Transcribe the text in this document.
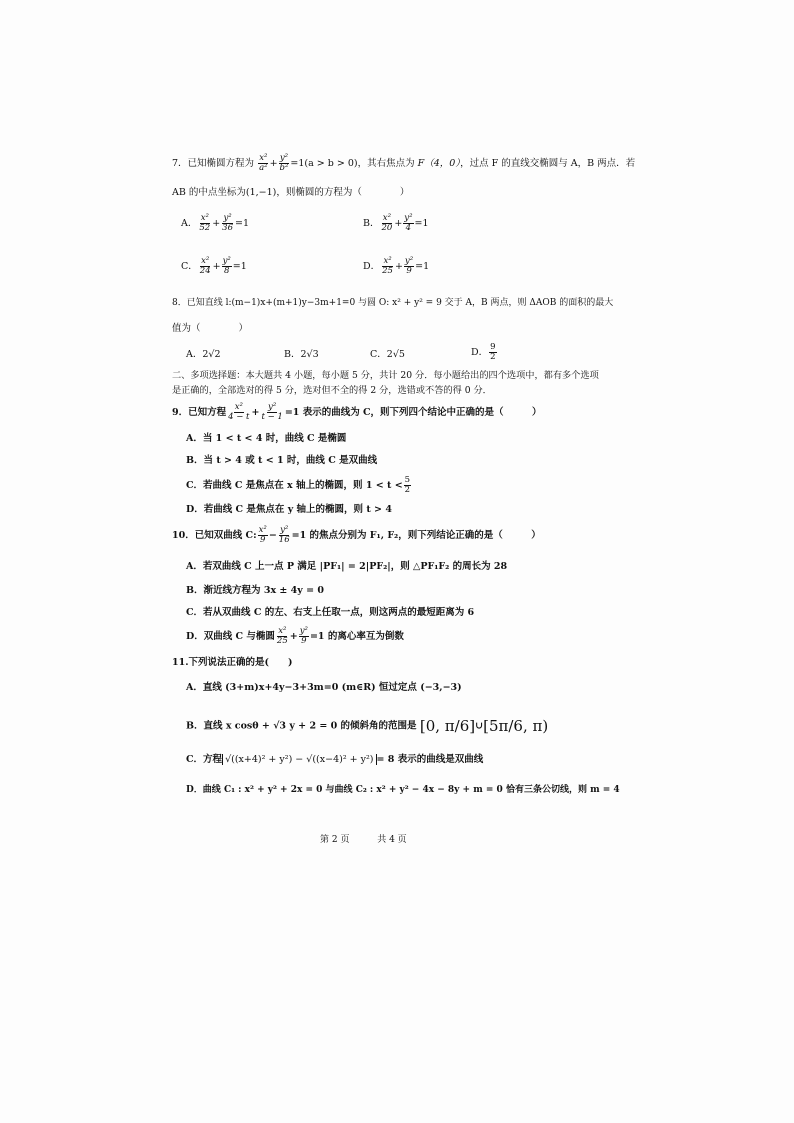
7．已知椭圆方程为 $\frac{\text{x²}}{\text{a²}} + \frac{\text{y²}}{\text{b²}} =1(a > b > 0)$，其右焦点为 F（4，0），过点 F 的直线交椭圆与 A，B 两点．若
AB 的中点坐标为(1,−1)，则椭圆的方程为（　　　　）
A． $\frac{\text{x²}}{52} + \frac{\text{y²}}{36} =1$	B． $\frac{\text{x²}}{20} + \frac{\text{y²}}{4} =1$
C． $\frac{\text{x²}}{24} + \frac{\text{y²}}{8} =1$	D． $\frac{\text{x²}}{25} + \frac{\text{y²}}{9} =1$
8．已知直线 l:(m−1)x+(m+1)y−3m+1=0 与圆 O: x² + y² = 9 交于 A，B 两点，则 ΔAOB 的面积的最大
值为（　　　　）
A．2√2	B．2√3	C．2√5	D． $\frac{9}{2}$
二、多项选择题：本大题共 4 小题，每小题 5 分，共计 20 分．每小题给出的四个选项中，都有多个选项
是正确的，全部选对的得 5 分，选对但不全的得 2 分，选错或不答的得 0 分．
9．已知方程 $\frac{\text{x²}}{4 - t} + \frac{\text{y²}}{t - 1} =1$ 表示的曲线为 C，则下列四个结论中正确的是（　　　）
A．当 1 < t < 4 时，曲线 C 是椭圆
B．当 t > 4 或 t < 1 时，曲线 C 是双曲线
C．若曲线 C 是焦点在 x 轴上的椭圆，则 $1 < t < \frac{5}{2}$
D．若曲线 C 是焦点在 y 轴上的椭圆，则 t > 4
10．已知双曲线 C: $\frac{\text{x²}}{9} - \frac{\text{y²}}{16} =1$ 的焦点分别为 F₁, F₂，则下列结论正确的是（　　　）
A．若双曲线 C 上一点 P 满足 |PF₁| = 2|PF₂|，则 △PF₁F₂ 的周长为 28
B．渐近线方程为 3x ± 4y = 0
C．若从双曲线 C 的左、右支上任取一点，则这两点的最短距离为 6
D．双曲线 C 与椭圆 $\frac{\text{x²}}{25} + \frac{\text{y²}}{9} =1$ 的离心率互为倒数
11.下列说法正确的是(　　)
A．直线 (3+m)x+4y−3+3m=0 (m∈R) 恒过定点 (−3,−3)
B．直线 x cosθ + √3 y + 2 = 0 的倾斜角的范围是 [0, π/6]∪[5π/6, π)
C．方程 √((x+4)² + y²) − √((x−4)² + y²) = 8 表示的曲线是双曲线
D．曲线 C₁ : x² + y² + 2x = 0 与曲线 C₂ : x² + y² − 4x − 8y + m = 0 恰有三条公切线，则 m = 4
第 2 页	共 4 页
